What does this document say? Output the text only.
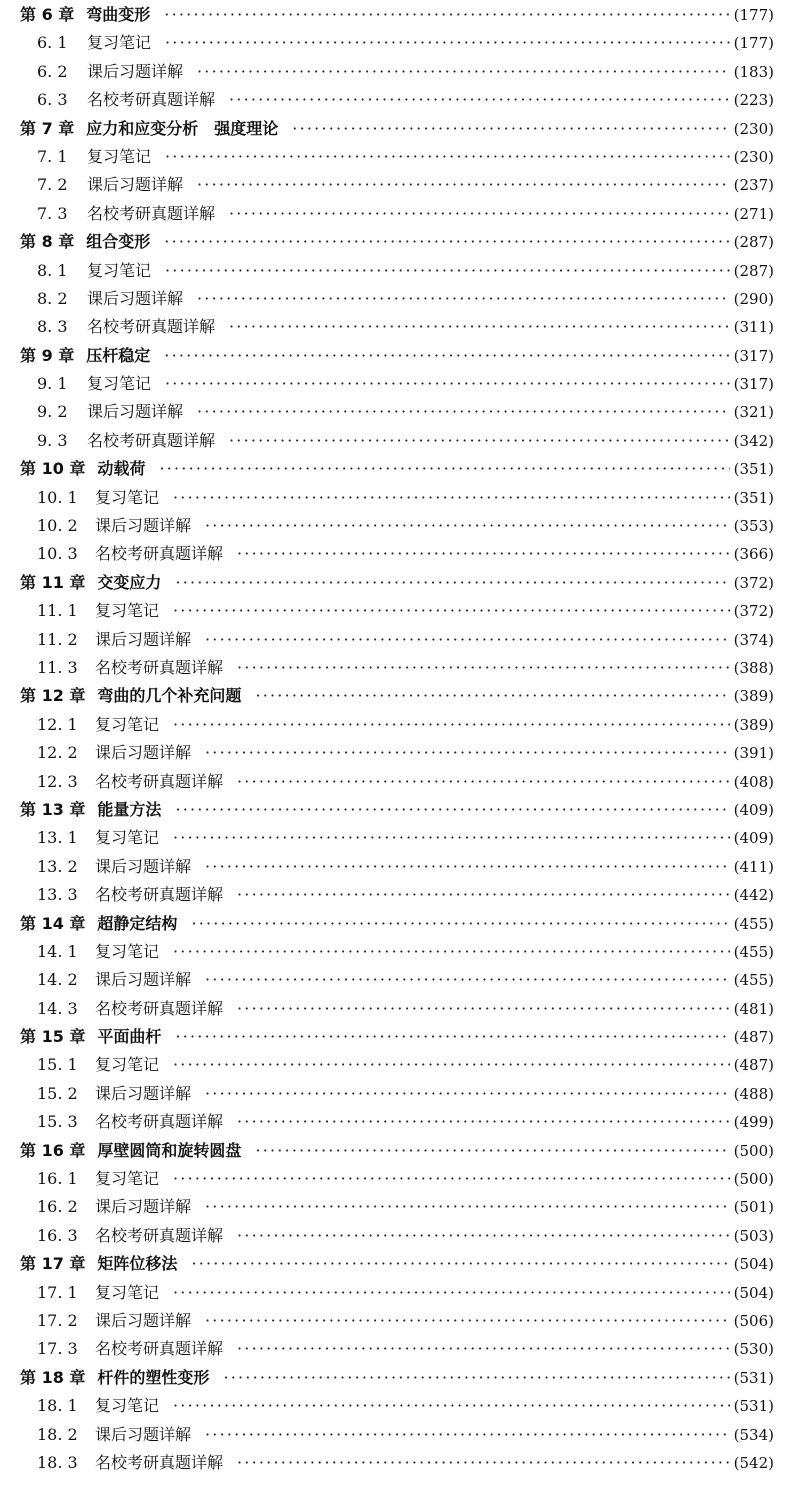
第 6 章 弯曲变形 ·····	(177)
6. 1	复习笔记 ·····	(177)
6. 2	课后习题详解 ·····	(183)
6. 3	名校考研真题详解 ·····	(223)
第 7 章 应力和应变分析　强度理论 ·····	(230)
7. 1	复习笔记 ·····	(230)
7. 2	课后习题详解 ·····	(237)
7. 3	名校考研真题详解 ·····	(271)
第 8 章 组合变形 ·····	(287)
8. 1	复习笔记 ·····	(287)
8. 2	课后习题详解 ·····	(290)
8. 3	名校考研真题详解 ·····	(311)
第 9 章 压杆稳定 ·····	(317)
9. 1	复习笔记 ·····	(317)
9. 2	课后习题详解 ·····	(321)
9. 3	名校考研真题详解 ·····	(342)
第 10 章 动载荷 ·····	(351)
10. 1	复习笔记 ·····	(351)
10. 2	课后习题详解 ·····	(353)
10. 3	名校考研真题详解 ·····	(366)
第 11 章 交变应力 ·····	(372)
11. 1	复习笔记 ·····	(372)
11. 2	课后习题详解 ·····	(374)
11. 3	名校考研真题详解 ·····	(388)
第 12 章 弯曲的几个补充问题 ·····	(389)
12. 1	复习笔记 ·····	(389)
12. 2	课后习题详解 ·····	(391)
12. 3	名校考研真题详解 ·····	(408)
第 13 章 能量方法 ·····	(409)
13. 1	复习笔记 ·····	(409)
13. 2	课后习题详解 ·····	(411)
13. 3	名校考研真题详解 ·····	(442)
第 14 章 超静定结构 ·····	(455)
14. 1	复习笔记 ·····	(455)
14. 2	课后习题详解 ·····	(455)
14. 3	名校考研真题详解 ·····	(481)
第 15 章 平面曲杆 ·····	(487)
15. 1	复习笔记 ·····	(487)
15. 2	课后习题详解 ·····	(488)
15. 3	名校考研真题详解 ·····	(499)
第 16 章 厚壁圆筒和旋转圆盘 ·····	(500)
16. 1	复习笔记 ·····	(500)
16. 2	课后习题详解 ·····	(501)
16. 3	名校考研真题详解 ·····	(503)
第 17 章 矩阵位移法 ·····	(504)
17. 1	复习笔记 ·····	(504)
17. 2	课后习题详解 ·····	(506)
17. 3	名校考研真题详解 ·····	(530)
第 18 章 杆件的塑性变形 ·····	(531)
18. 1	复习笔记 ·····	(531)
18. 2	课后习题详解 ·····	(534)
18. 3	名校考研真题详解 ·····	(542)
